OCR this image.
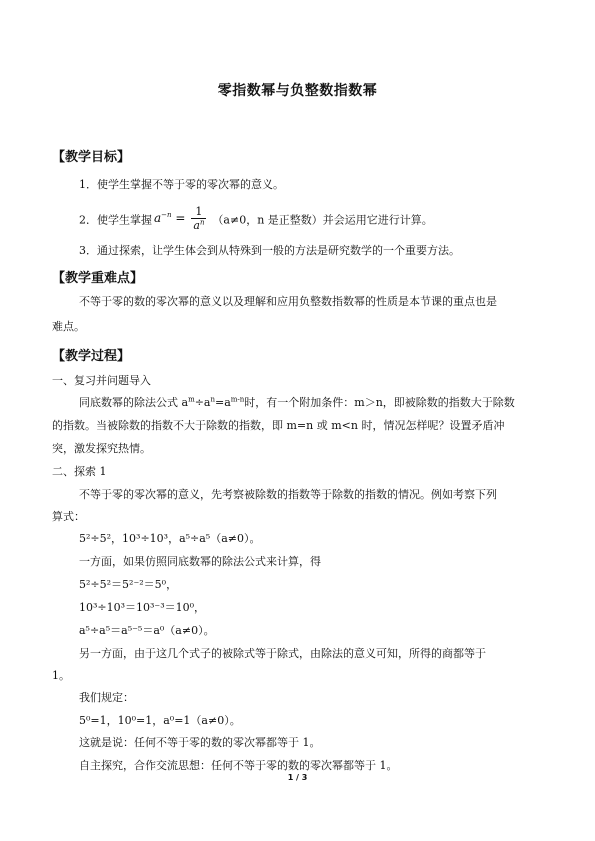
零指数幂与负整数指数幂
【教学目标】
1．使学生掌握不等于零的零次幂的意义。
2．使学生掌握 $a^{-n} = \frac{1}{a^n} (a\ne 0$，n 是正整数）并会运用它进行计算。
3．通过探索，让学生体会到从特殊到一般的方法是研究数学的一个重要方法。
【教学重难点】
不等于零的数的零次幂的意义以及理解和应用负整数指数幂的性质是本节课的重点也是
难点。
【教学过程】
一、复习并问题导入
同底数幂的除法公式 $a^m\div a^n=a^{m-n}$时，有一个附加条件：m＞n，即被除数的指数大于除数
的指数。当被除数的指数不大于除数的指数，即 m=n 或 m<n 时，情况怎样呢？设置矛盾冲
突，激发探究热情。
二、探索 1
不等于零的零次幂的意义，先考察被除数的指数等于除数的指数的情况。例如考察下列
算式：
5²÷5²，10³÷10³，a⁵÷a⁵（a≠0）。
一方面，如果仿照同底数幂的除法公式来计算，得
5²÷5²＝5²⁻²＝5⁰，
10³÷10³＝10³⁻³＝10⁰，
a⁵÷a⁵＝a⁵⁻⁵＝a⁰（a≠0）。
另一方面，由于这几个式子的被除式等于除式，由除法的意义可知，所得的商都等于
1。
我们规定：
5⁰=1，10⁰=1，a⁰=1（a≠0）。
这就是说：任何不等于零的数的零次幂都等于 1。
自主探究，合作交流思想：任何不等于零的数的零次幂都等于 1。
1 / 3
